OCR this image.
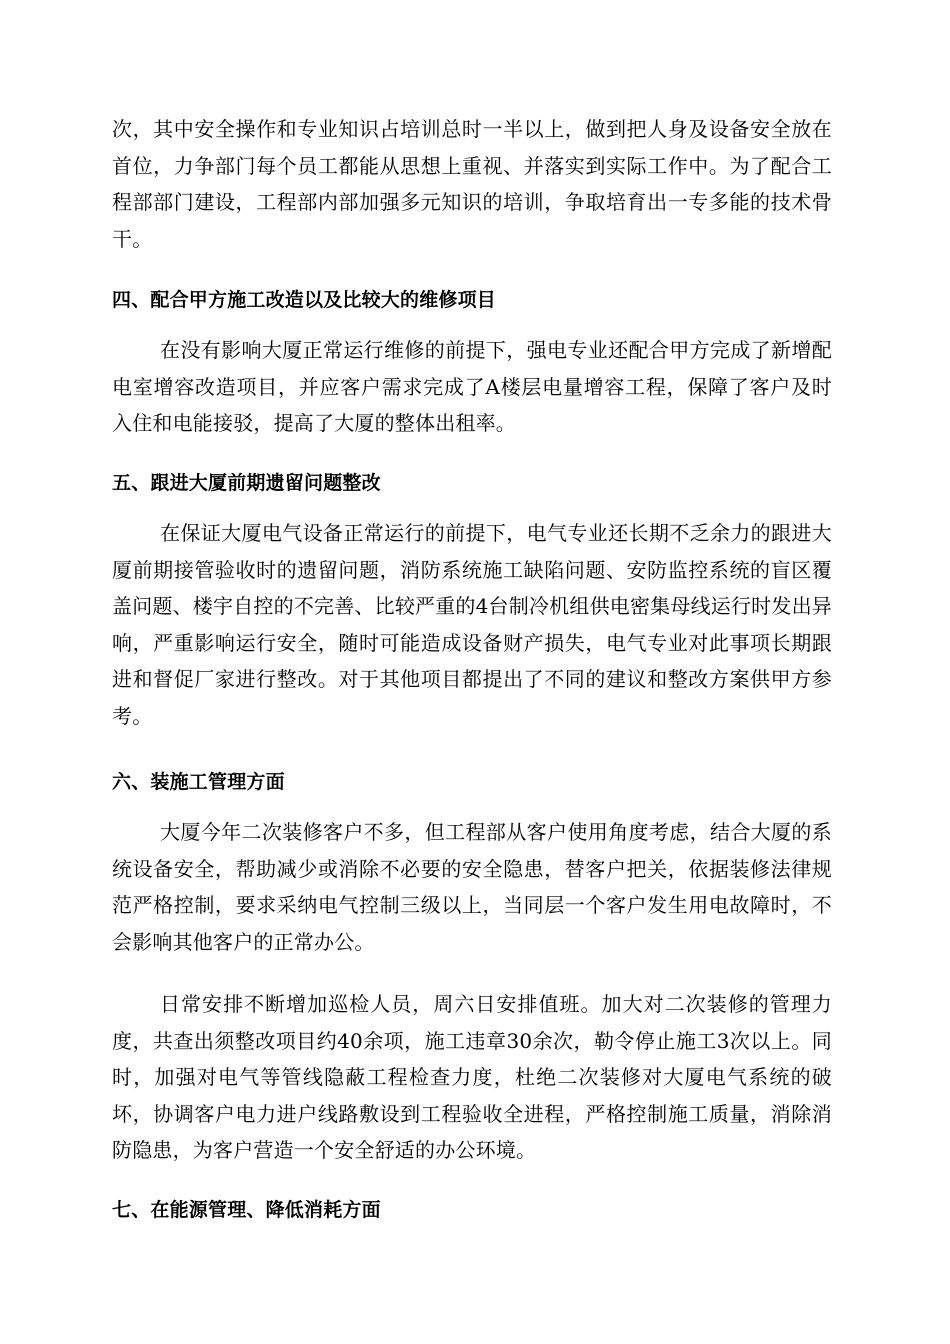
次，其中安全操作和专业知识占培训总时一半以上，做到把人身及设备安全放在首位，力争部门每个员工都能从思想上重视、并落实到实际工作中。为了配合工程部部门建设，工程部内部加强多元知识的培训，争取培育出一专多能的技术骨干。

四、配合甲方施工改造以及比较大的维修项目

在没有影响大厦正常运行维修的前提下，强电专业还配合甲方完成了新增配电室增容改造项目，并应客户需求完成了A楼层电量增容工程，保障了客户及时入住和电能接驳，提高了大厦的整体出租率。

五、跟进大厦前期遗留问题整改

在保证大厦电气设备正常运行的前提下，电气专业还长期不乏余力的跟进大厦前期接管验收时的遗留问题，消防系统施工缺陷问题、安防监控系统的盲区覆盖问题、楼宇自控的不完善、比较严重的4台制冷机组供电密集母线运行时发出异响，严重影响运行安全，随时可能造成设备财产损失，电气专业对此事项长期跟进和督促厂家进行整改。对于其他项目都提出了不同的建议和整改方案供甲方参考。

六、装施工管理方面

大厦今年二次装修客户不多，但工程部从客户使用角度考虑，结合大厦的系统设备安全，帮助减少或消除不必要的安全隐患，替客户把关，依据装修法律规范严格控制，要求采纳电气控制三级以上，当同层一个客户发生用电故障时，不会影响其他客户的正常办公。

日常安排不断增加巡检人员，周六日安排值班。加大对二次装修的管理力度，共查出须整改项目约40余项，施工违章30余次，勒令停止施工3次以上。同时，加强对电气等管线隐蔽工程检查力度，杜绝二次装修对大厦电气系统的破坏，协调客户电力进户线路敷设到工程验收全进程，严格控制施工质量，消除消防隐患，为客户营造一个安全舒适的办公环境。

七、在能源管理、降低消耗方面
